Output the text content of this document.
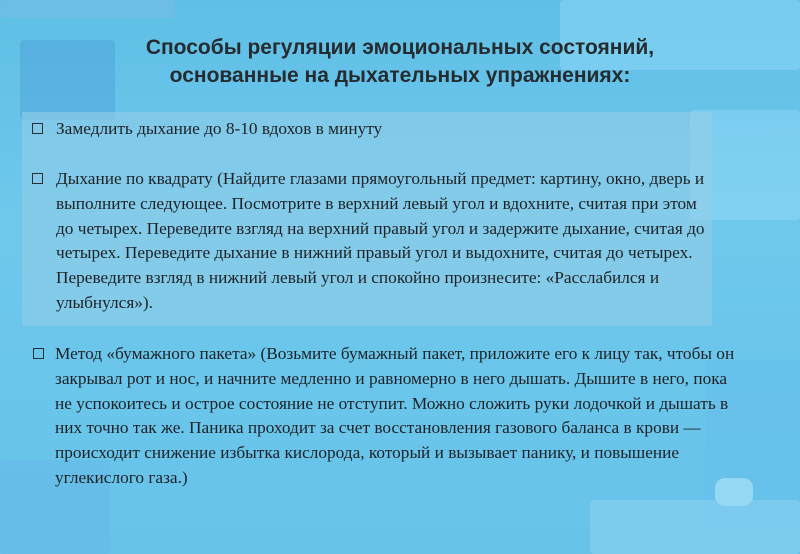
Способы регуляции эмоциональных состояний,
основанные на дыхательных упражнениях:
Замедлить дыхание до 8-10 вдохов в минуту
Дыхание по квадрату (Найдите глазами прямоугольный предмет: картину, окно, дверь и выполните следующее. Посмотрите в верхний левый угол и вдохните, считая при этом до четырех. Переведите взгляд на верхний правый угол и задержите дыхание, считая до четырех. Переведите дыхание в нижний правый угол и выдохните, считая до четырех. Переведите взгляд в нижний левый угол и спокойно произнесите: «Расслабился и улыбнулся»).
Метод «бумажного пакета» (Возьмите бумажный пакет, приложите его к лицу так, чтобы он закрывал рот и нос, и начните медленно и равномерно в него дышать. Дышите в него, пока не успокоитесь и острое состояние не отступит. Можно сложить руки лодочкой и дышать в них точно так же. Паника проходит за счет восстановления газового баланса в крови — происходит снижение избытка кислорода, который и вызывает панику, и повышение углекислого газа.)
